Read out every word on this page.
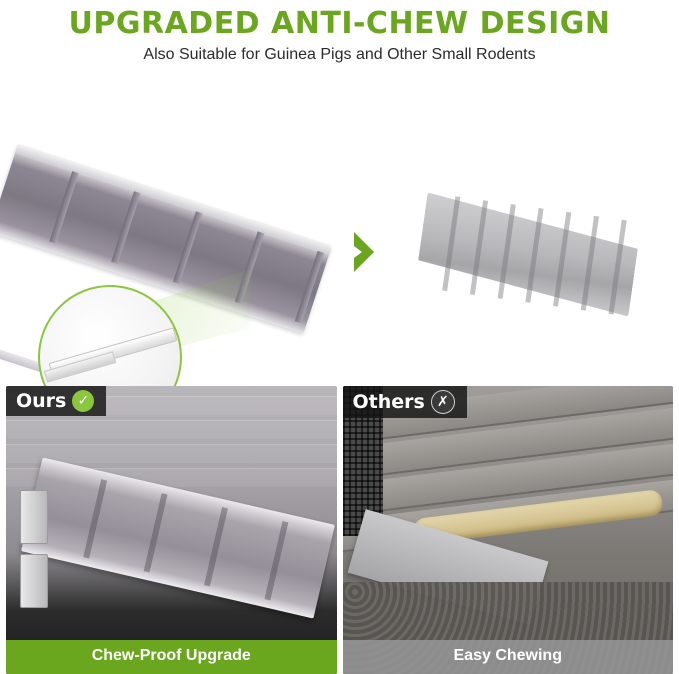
UPGRADED ANTI-CHEW DESIGN
Also Suitable for Guinea Pigs and Other Small Rodents
Ours ✓
Chew-Proof Upgrade
Others ✗
Easy Chewing
